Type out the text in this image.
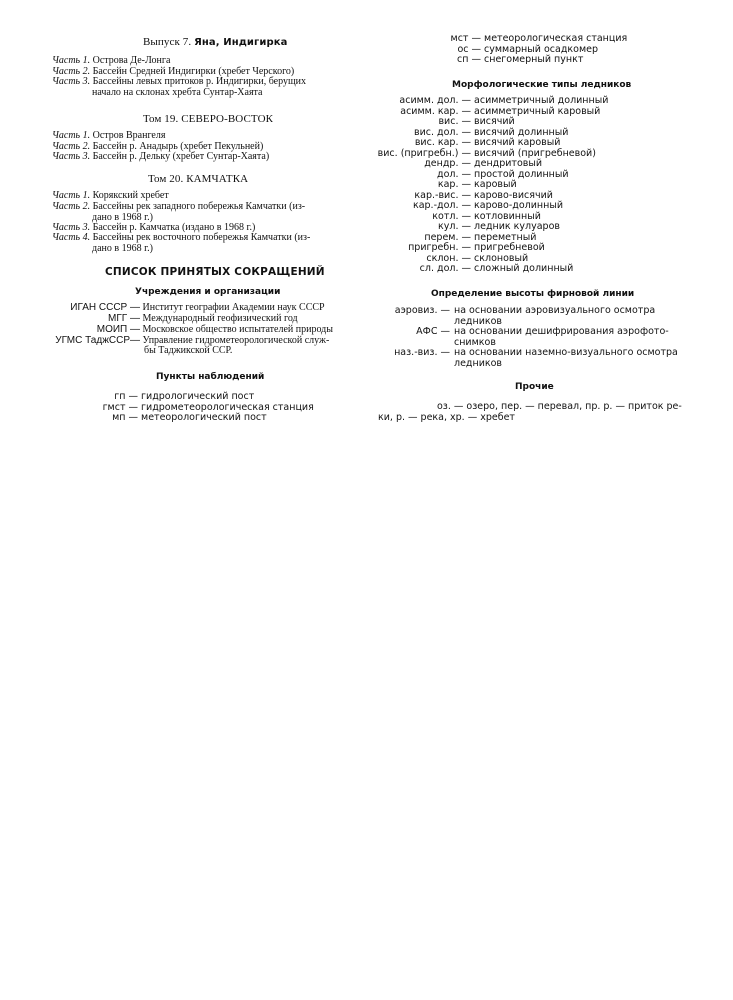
Выпуск 7. Яна, Индигирка
Часть 1. Острова Де-Лонга
Часть 2. Бассейн Средней Индигирки (хребет Черского)
Часть 3. Бассейны левых притоков р. Индигирки, берущих
начало на склонах хребта Сунтар-Хаята
Том 19. СЕВЕРО-ВОСТОК
Часть 1. Остров Врангеля
Часть 2. Бассейн р. Анадырь (хребет Пекульней)
Часть 3. Бассейн р. Дельку (хребет Сунтар-Хаята)
Том 20. КАМЧАТКА
Часть 1. Корякский хребет
Часть 2. Бассейны рек западного побережья Камчатки (из-
дано в 1968 г.)
Часть 3. Бассейн р. Камчатка (издано в 1968 г.)
Часть 4. Бассейны рек восточного побережья Камчатки (из-
дано в 1968 г.)
СПИСОК ПРИНЯТЫХ СОКРАЩЕНИЙ
Учреждения и организации
ИГАН СССР — Институт географии Академии наук СССР
МГГ — Международный геофизический год
МОИП — Московское общество испытателей природы
УГМС ТаджССР— Управление гидрометеорологической служ-
бы Таджикской ССР.
Пункты наблюдений
гп — гидрологический пост
гмст — гидрометеорологическая станция
мп — метеорологический пост
мст — метеорологическая станция
ос — суммарный осадкомер
сп — снегомерный пункт
Морфологические типы ледников
асимм. дол. — асимметричный долинный
асимм. кар. — асимметричный каровый
вис. — висячий
вис. дол. — висячий долинный
вис. кар. — висячий каровый
вис. (пригребн.) — висячий (пригребневой)
дендр. — дендритовый
дол. — простой долинный
кар. — каровый
кар.-вис. — карово-висячий
кар.-дол. — карово-долинный
котл. — котловинный
кул. — ледник кулуаров
перем. — переметный
пригребн. — пригребневой
склон. — склоновый
сл. дол. — сложный долинный
Определение высоты фирновой линии
аэровиз. — на основании аэровизуального осмотра
ледников
АФС — на основании дешифрирования аэрофото-
снимков
наз.-виз. — на основании наземно-визуального осмотра
ледников
Прочие
оз. — озеро, пер. — перевал, пр. р. — приток ре-
ки, р. — река, хр. — хребет
